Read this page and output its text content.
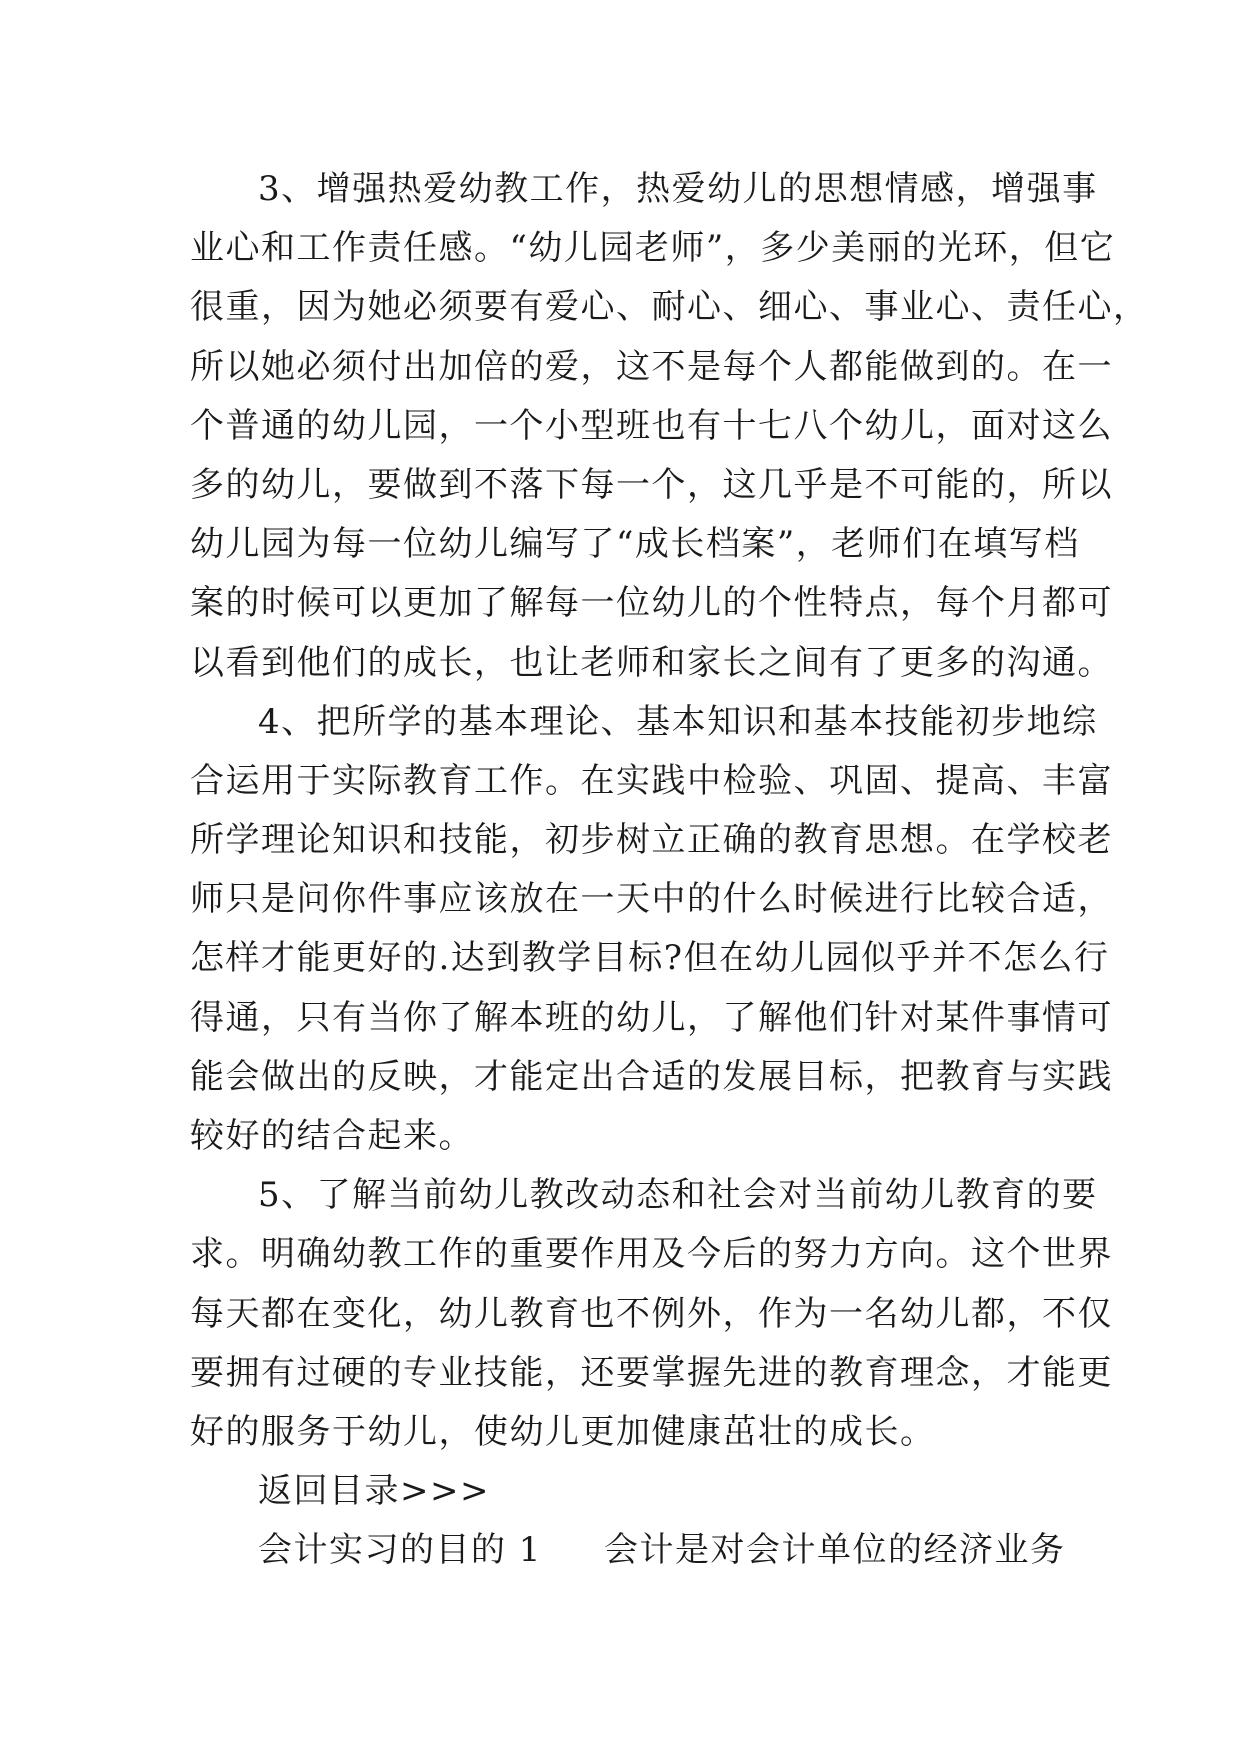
3、增强热爱幼教工作，热爱幼儿的思想情感，增强事
业心和工作责任感。“幼儿园老师”，多少美丽的光环，但它
很重，因为她必须要有爱心、耐心、细心、事业心、责任心，
所以她必须付出加倍的爱，这不是每个人都能做到的。在一
个普通的幼儿园，一个小型班也有十七八个幼儿，面对这么
多的幼儿，要做到不落下每一个，这几乎是不可能的，所以
幼儿园为每一位幼儿编写了“成长档案”，老师们在填写档
案的时候可以更加了解每一位幼儿的个性特点，每个月都可
以看到他们的成长，也让老师和家长之间有了更多的沟通。
4、把所学的基本理论、基本知识和基本技能初步地综
合运用于实际教育工作。在实践中检验、巩固、提高、丰富
所学理论知识和技能，初步树立正确的教育思想。在学校老
师只是问你件事应该放在一天中的什么时候进行比较合适，
怎样才能更好的.达到教学目标?但在幼儿园似乎并不怎么行
得通，只有当你了解本班的幼儿，了解他们针对某件事情可
能会做出的反映，才能定出合适的发展目标，把教育与实践
较好的结合起来。
5、了解当前幼儿教改动态和社会对当前幼儿教育的要
求。明确幼教工作的重要作用及今后的努力方向。这个世界
每天都在变化，幼儿教育也不例外，作为一名幼儿都，不仅
要拥有过硬的专业技能，还要掌握先进的教育理念，才能更
好的服务于幼儿，使幼儿更加健康茁壮的成长。
返回目录>>>
会计实习的目的 1 会计是对会计单位的经济业务
